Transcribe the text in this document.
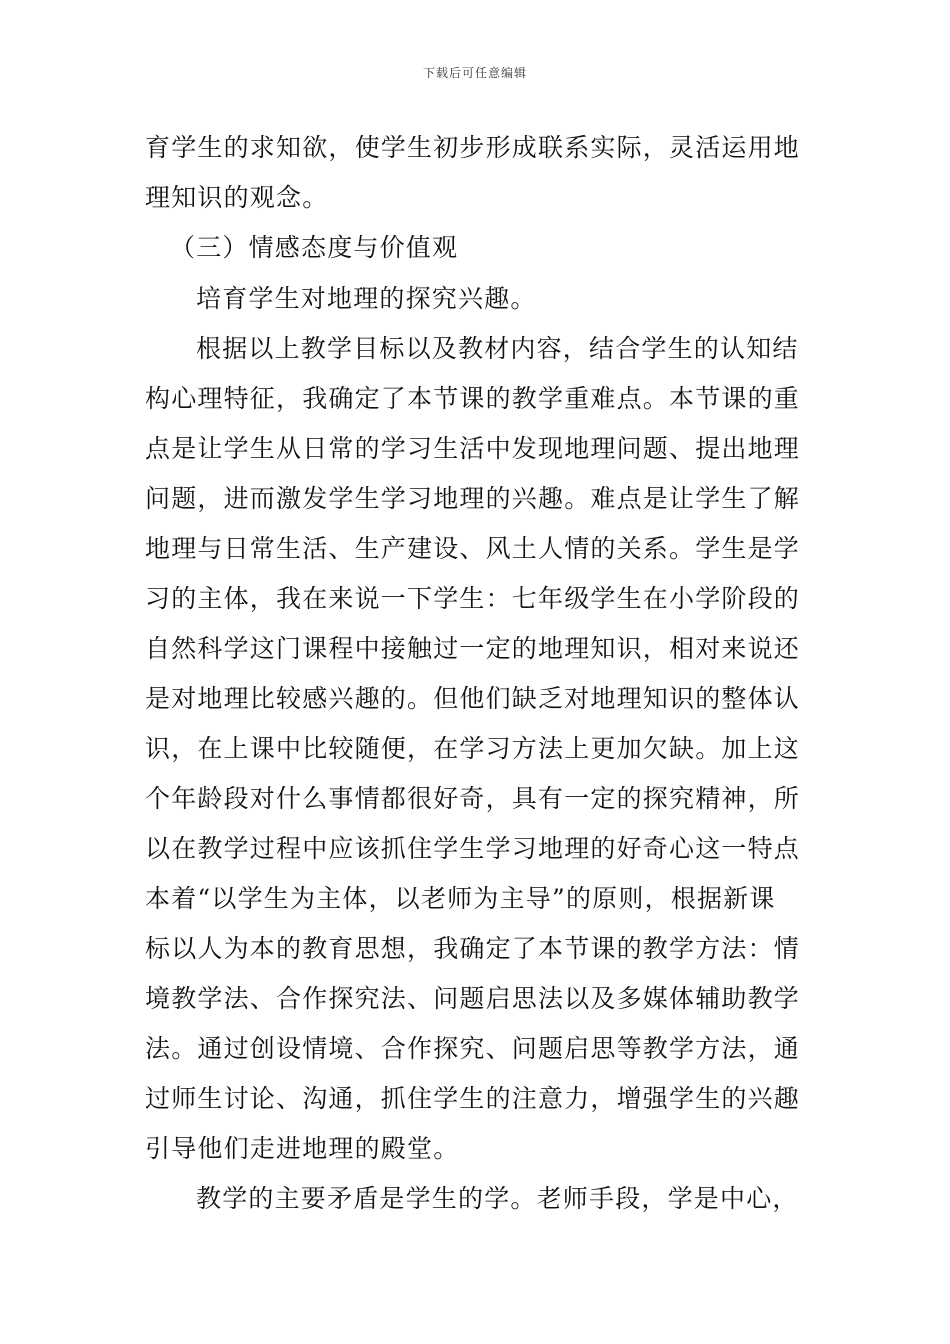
下载后可任意编辑
育学生的求知欲，使学生初步形成联系实际，灵活运用地
理知识的观念。
（三）情感态度与价值观
培育学生对地理的探究兴趣。
根据以上教学目标以及教材内容，结合学生的认知结
构心理特征，我确定了本节课的教学重难点。本节课的重
点是让学生从日常的学习生活中发现地理问题、提出地理
问题，进而激发学生学习地理的兴趣。难点是让学生了解
地理与日常生活、生产建设、风土人情的关系。学生是学
习的主体，我在来说一下学生：七年级学生在小学阶段的
自然科学这门课程中接触过一定的地理知识，相对来说还
是对地理比较感兴趣的。但他们缺乏对地理知识的整体认
识，在上课中比较随便，在学习方法上更加欠缺。加上这
个年龄段对什么事情都很好奇，具有一定的探究精神，所
以在教学过程中应该抓住学生学习地理的好奇心这一特点
本着“以学生为主体，以老师为主导”的原则，根据新课
标以人为本的教育思想，我确定了本节课的教学方法：情
境教学法、合作探究法、问题启思法以及多媒体辅助教学
法。通过创设情境、合作探究、问题启思等教学方法，通
过师生讨论、沟通，抓住学生的注意力，增强学生的兴趣
引导他们走进地理的殿堂。
教学的主要矛盾是学生的学。老师手段，学是中心，
